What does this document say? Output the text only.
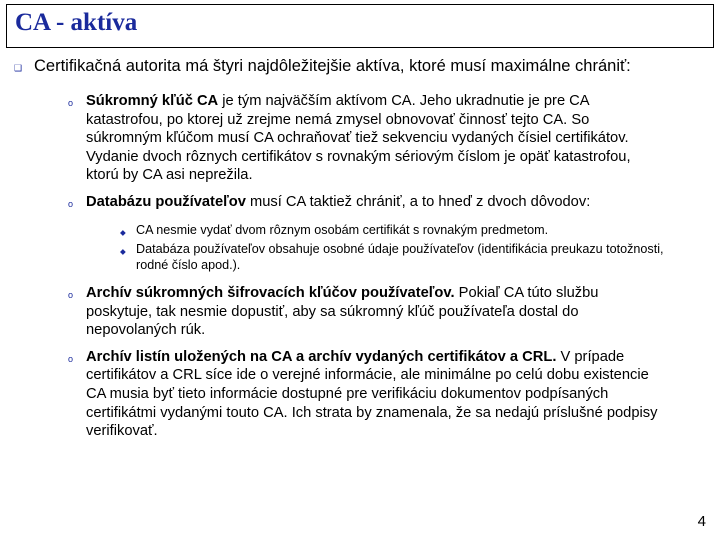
CA - aktíva
❑ Certifikačná autorita má štyri najdôležitejšie aktíva, ktoré musí maximálne chrániť:
o Súkromný kľúč CA je tým najväčším aktívom CA. Jeho ukradnutie je pre CA katastrofou, po ktorej už zrejme nemá zmysel obnovovať činnosť tejto CA. So súkromným kľúčom musí CA ochraňovať tiež sekvenciu vydaných čísiel certifikátov. Vydanie dvoch rôznych certifikátov s rovnakým sériovým číslom je opäť katastrofou, ktorú by CA asi neprežila.
o Databázu používateľov musí CA taktiež chrániť, a to hneď z dvoch dôvodov:
◆ CA nesmie vydať dvom rôznym osobám certifikát s rovnakým predmetom.
◆ Databáza používateľov obsahuje osobné údaje používateľov (identifikácia preukazu totožnosti, rodné číslo apod.).
o Archív súkromných šifrovacích kľúčov používateľov. Pokiaľ CA túto službu poskytuje, tak nesmie dopustiť, aby sa súkromný kľúč používateľa dostal do nepovolaných rúk.
o Archív listín uložených na CA a archív vydaných certifikátov a CRL. V prípade certifikátov a CRL síce ide o verejné informácie, ale minimálne po celú dobu existencie CA musia byť tieto informácie dostupné pre verifikáciu dokumentov podpísaných certifikátmi vydanými touto CA. Ich strata by znamenala, že sa nedajú príslušné podpisy verifikovať.
4
